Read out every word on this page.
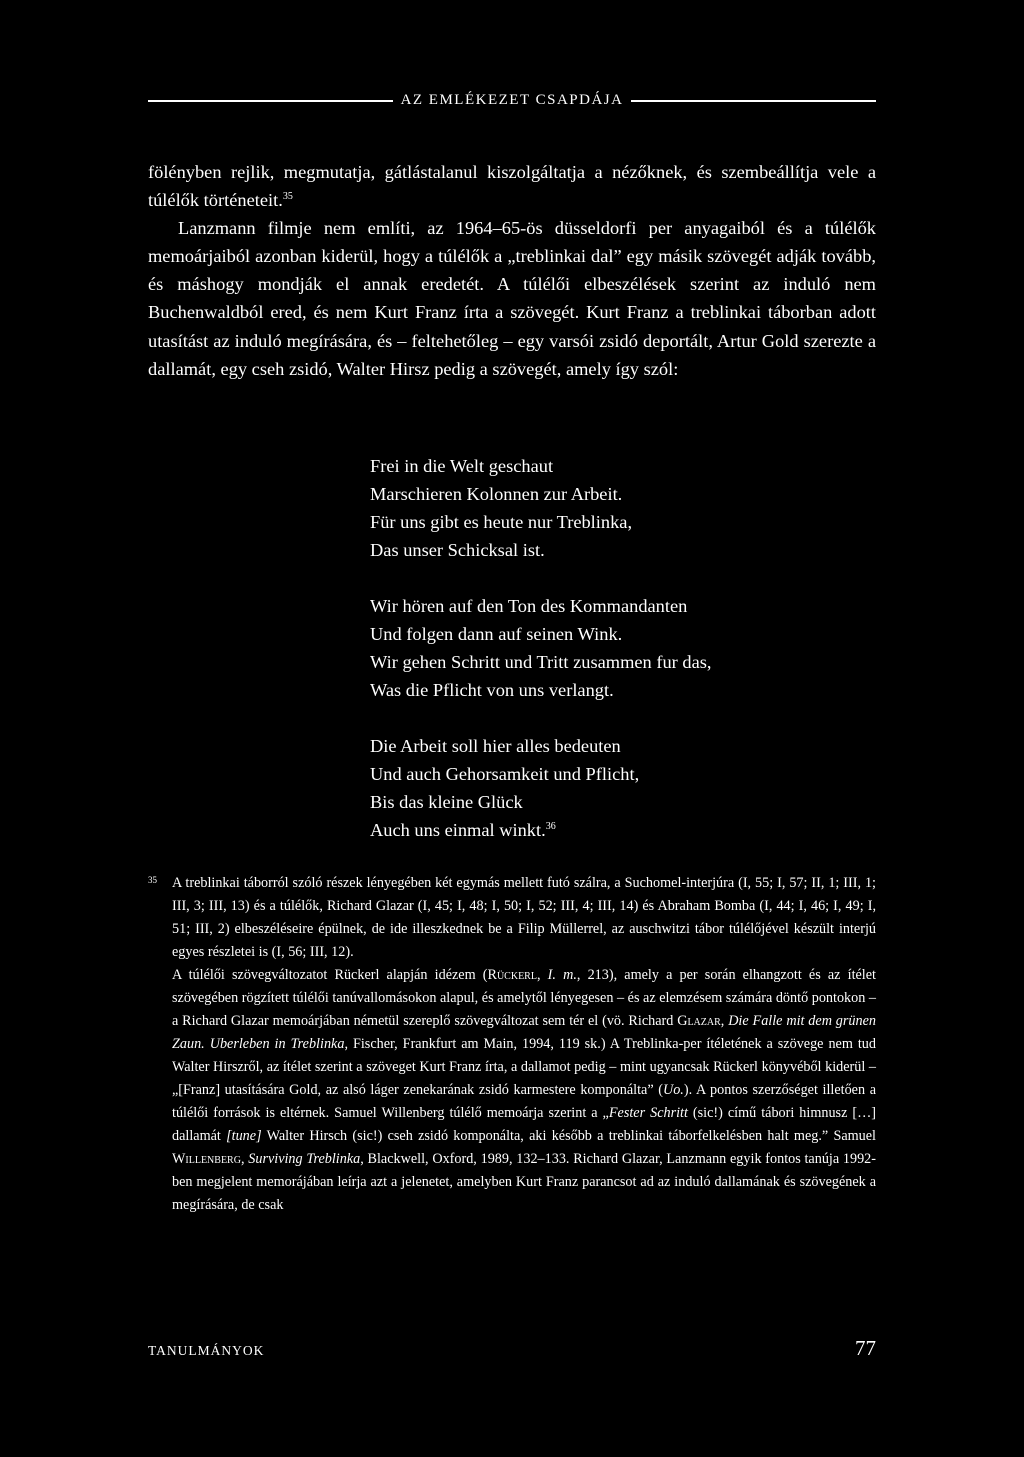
AZ EMLÉKEZET CSAPDÁJA

fölényben rejlik, megmutatja, gátlástalanul kiszolgáltatja a nézőknek, és szembeállítja vele a túlélők történeteit.$^{35}$

Lanzmann filmje nem említi, az 1964–65-ös düsseldorfi per anyagaiból és a túlélők memoárjaiból azonban kiderül, hogy a túlélők a „treblinkai dal” egy másik szövegét adják tovább, és máshogy mondják el annak eredetét. A túlélői elbeszélések szerint az induló nem Buchenwaldból ered, és nem Kurt Franz írta a szövegét. Kurt Franz a treblinkai táborban adott utasítást az induló megírására, és – feltehetőleg – egy varsói zsidó deportált, Artur Gold szerezte a dallamát, egy cseh zsidó, Walter Hirsz pedig a szövegét, amely így szól:

Frei in die Welt geschaut
Marschieren Kolonnen zur Arbeit.
Für uns gibt es heute nur Treblinka,
Das unser Schicksal ist.
Wir hören auf den Ton des Kommandanten
Und folgen dann auf seinen Wink.
Wir gehen Schritt und Tritt zusammen fur das,
Was die Pflicht von uns verlangt.
Die Arbeit soll hier alles bedeuten
Und auch Gehorsamkeit und Pflicht,
Bis das kleine Glück
Auch uns einmal winkt.$^{36}$
35 A treblinkai táborról szóló részek lényegében két egymás mellett futó szálra, a Suchomel-interjúra (I, 55; I, 57; II, 1; III, 1; III, 3; III, 13) és a túlélők, Richard Glazar (I, 45; I, 48; I, 50; I, 52; III, 4; III, 14) és Abraham Bomba (I, 44; I, 46; I, 49; I, 51; III, 2) elbeszéléseire épülnek, de ide illeszkednek be a Filip Müllerrel, az auschwitzi tábor túlélőjével készült interjú egyes részletei is (I, 56; III, 12).

A túlélői szövegváltozatot Rückerl alapján idézem (Rückerl, I. m., 213), amely a per során elhangzott és az ítélet szövegében rögzített túlélői tanúvallomásokon alapul, és amelytől lényegesen – és az elemzésem számára döntő pontokon – a Richard Glazar memoárjában németül szereplő szövegváltozat sem tér el (vö. Richard Glazar, Die Falle mit dem grünen Zaun. Uberleben in Treblinka, Fischer, Frankfurt am Main, 1994, 119 sk.) A Treblinka-per ítéletének a szövege nem tud Walter Hirszről, az ítélet szerint a szöveget Kurt Franz írta, a dallamot pedig – mint ugyancsak Rückerl könyvéből kiderül – „[Franz] utasítására Gold, az alsó láger zenekarának zsidó karmestere komponálta” (Uo.). A pontos szerzőséget illetően a túlélői források is eltérnek. Samuel Willenberg túlélő memoárja szerint a „Fester Schritt (sic!) című tábori himnusz […] dallamát [tune] Walter Hirsch (sic!) cseh zsidó komponálta, aki később a treblinkai táborfelkelésben halt meg.” Samuel Willenberg, Surviving Treblinka, Blackwell, Oxford, 1989, 132–133. Richard Glazar, Lanzmann egyik fontos tanúja 1992-ben megjelent memorájában leírja azt a jelenetet, amelyben Kurt Franz parancsot ad az induló dallamának és szövegének a megírására, de csak

TANULMÁNYOK	77
